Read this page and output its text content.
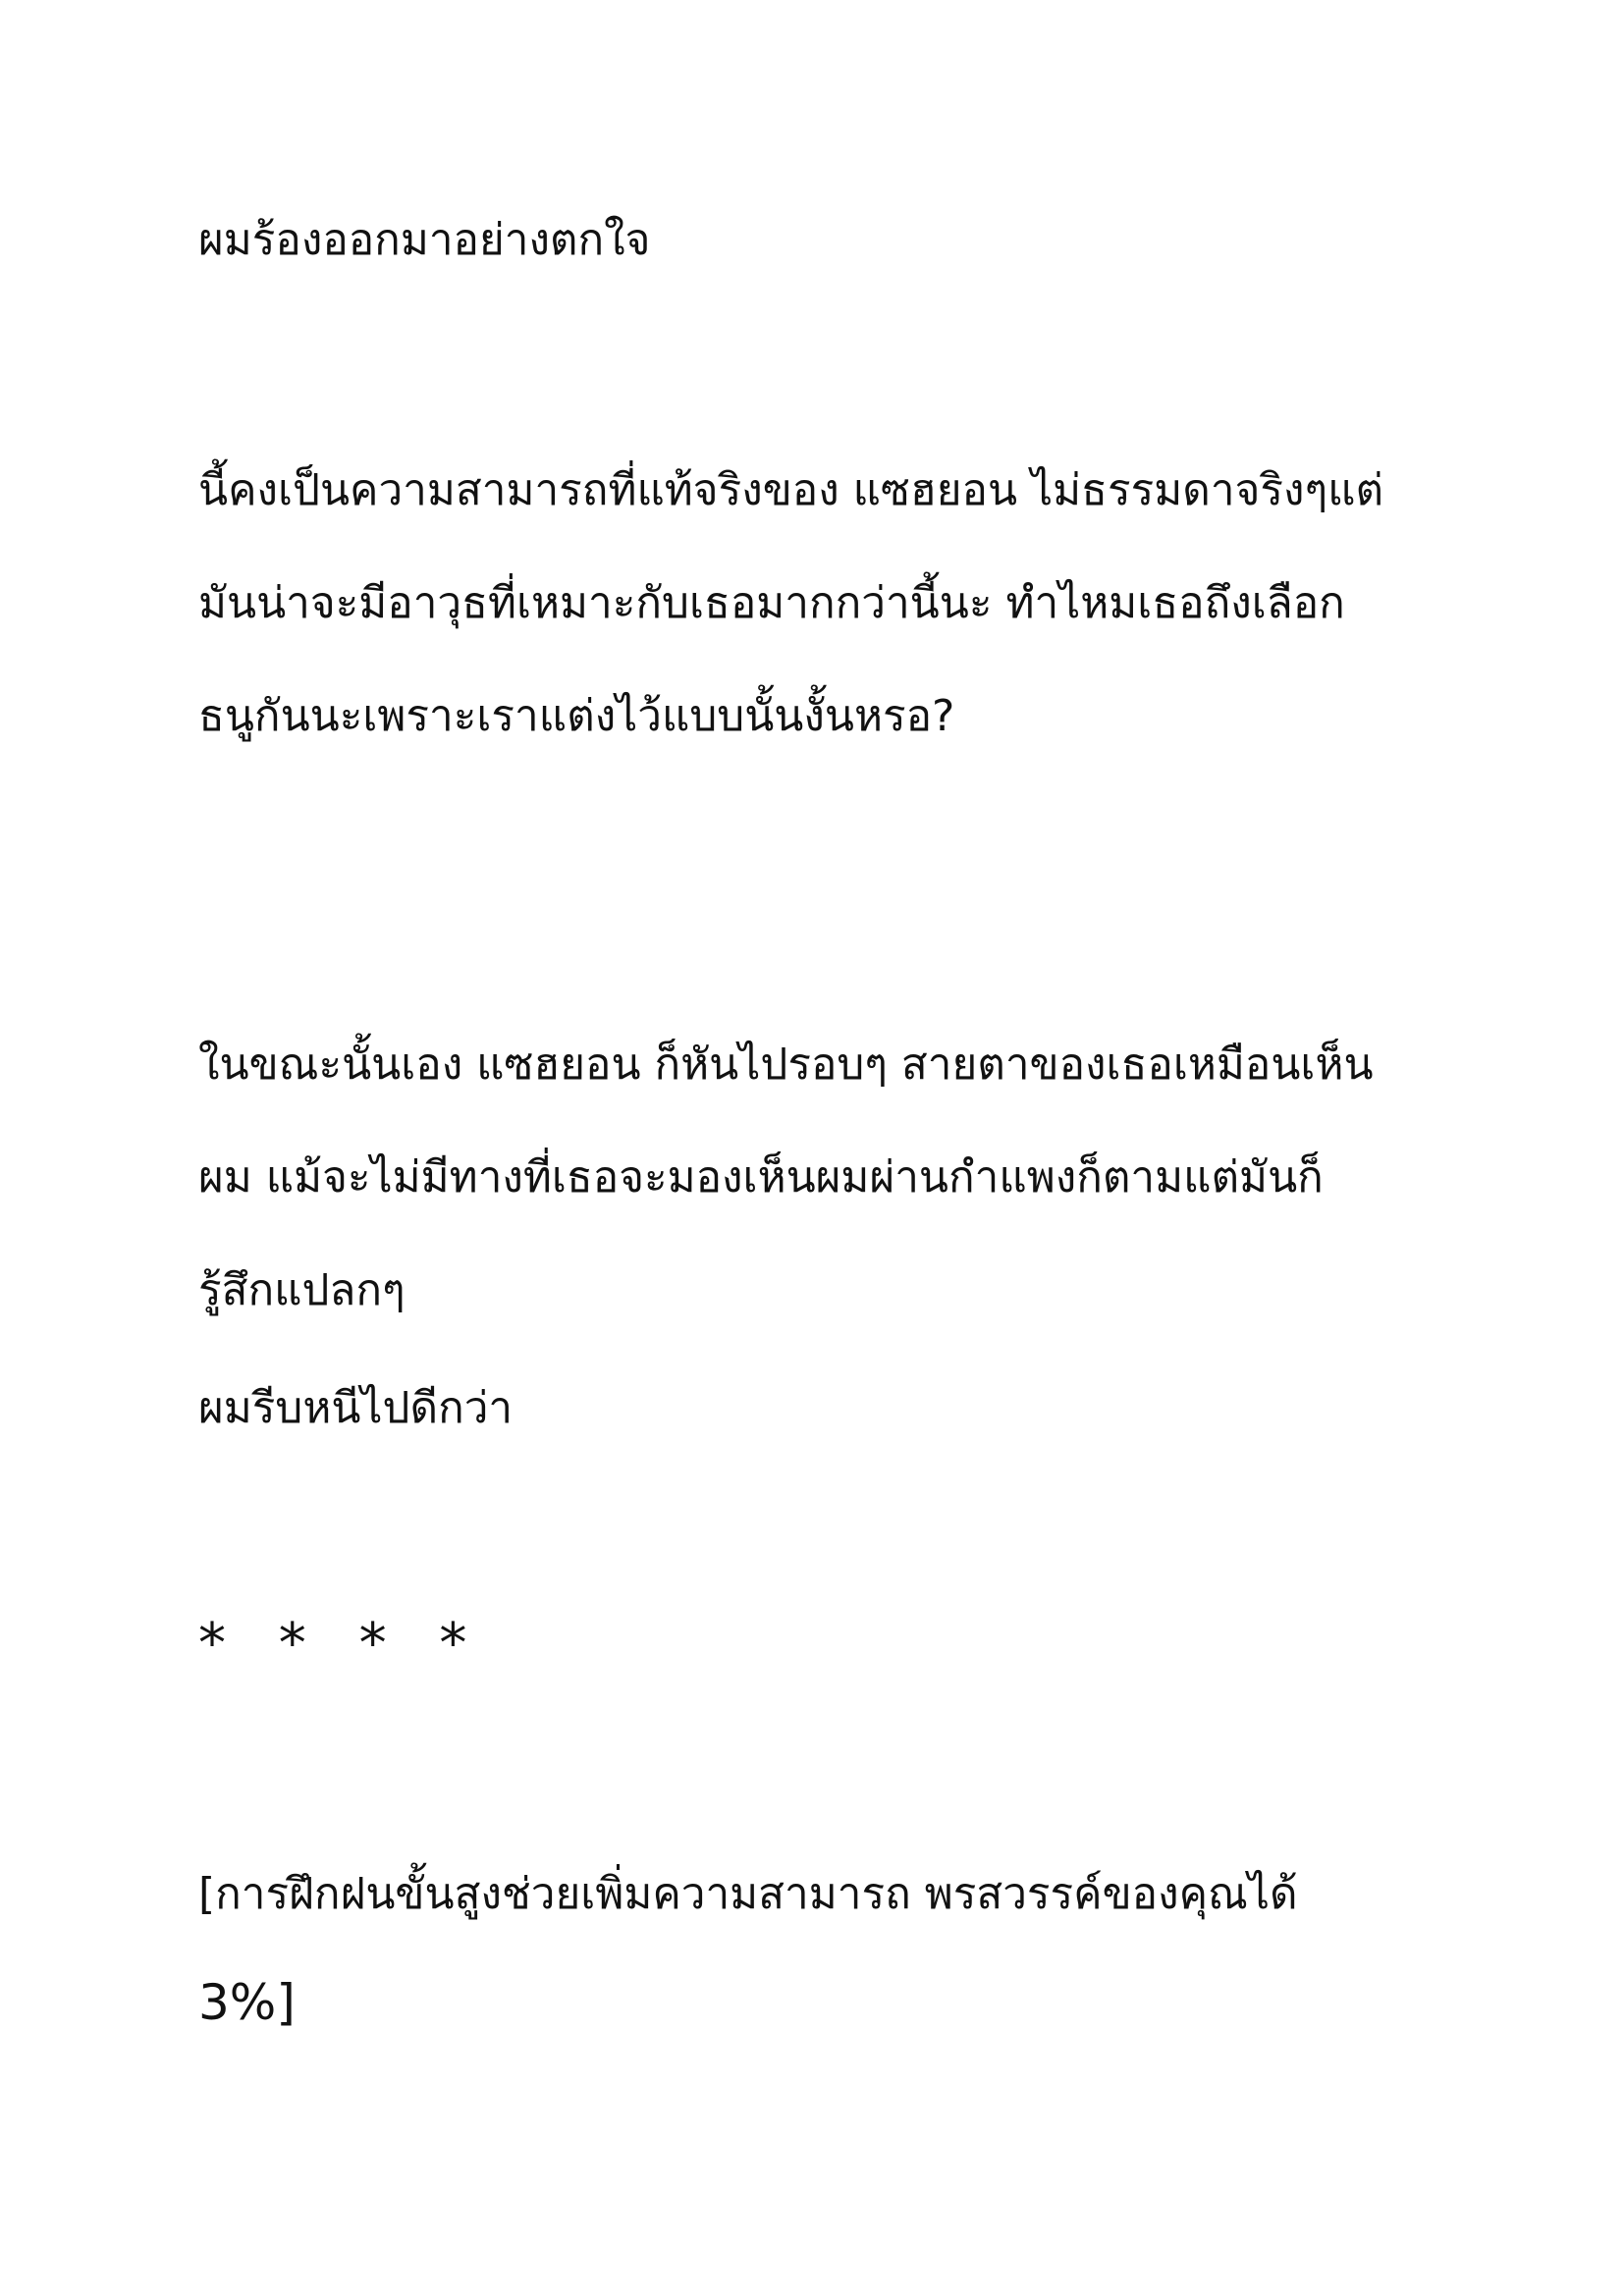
ผมร้องออกมาอย่างตกใจ

นี้คงเป็นความสามารถที่แท้จริงของ แซฮยอน ไม่ธรรมดาจริงๆแต่

มันน่าจะมีอาวุธที่เหมาะกับเธอมากกว่านี้นะ ทำไหมเธอถึงเลือก

ธนูกันนะเพราะเราแต่งไว้แบบนั้นงั้นหรอ?

ในขณะนั้นเอง แซฮยอน ก็หันไปรอบๆ สายตาของเธอเหมือนเห็น

ผม แม้จะไม่มีทางที่เธอจะมองเห็นผมผ่านกำแพงก็ตามแต่มันก็

รู้สึกแปลกๆ

ผมรีบหนีไปดีกว่า

* * * *

[การฝึกฝนขั้นสูงช่วยเพิ่มความสามารถ พรสวรรค์ของคุณได้

3%]
